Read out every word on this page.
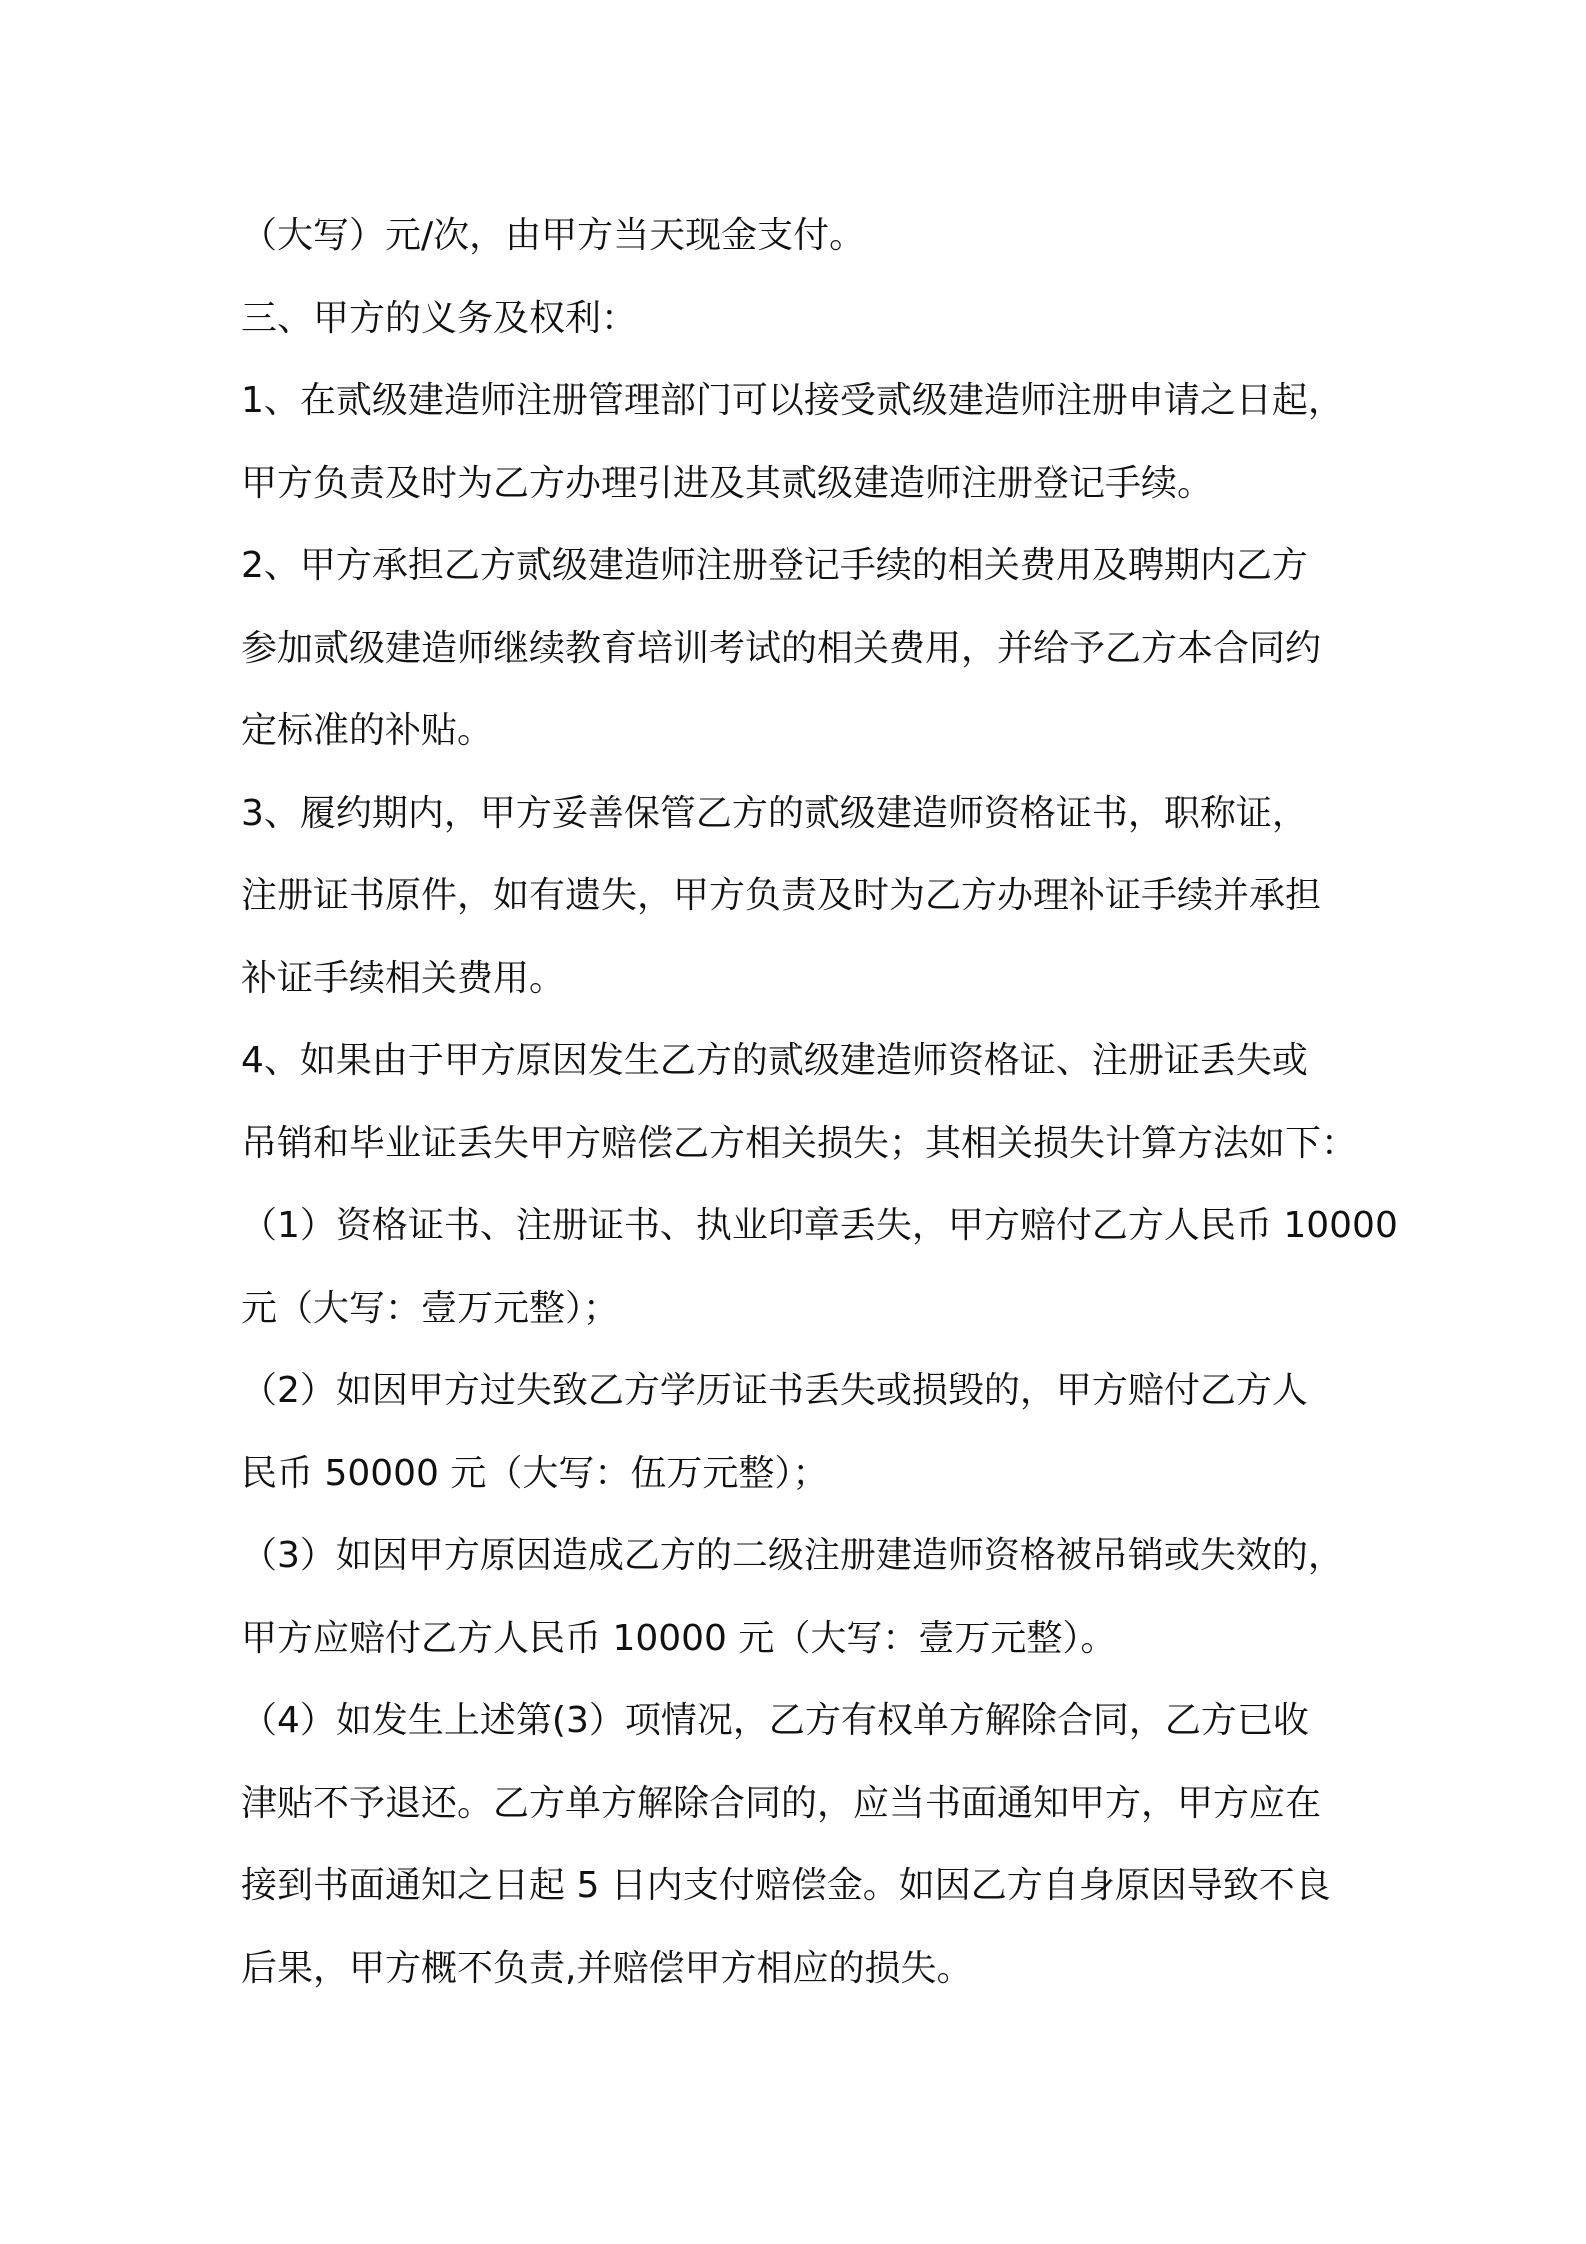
（大写）元/次，由甲方当天现金支付。
三、甲方的义务及权利：
1、在贰级建造师注册管理部门可以接受贰级建造师注册申请之日起，
甲方负责及时为乙方办理引进及其贰级建造师注册登记手续。
2、甲方承担乙方贰级建造师注册登记手续的相关费用及聘期内乙方
参加贰级建造师继续教育培训考试的相关费用，并给予乙方本合同约
定标准的补贴。
3、履约期内，甲方妥善保管乙方的贰级建造师资格证书，职称证，
注册证书原件，如有遗失，甲方负责及时为乙方办理补证手续并承担
补证手续相关费用。
4、如果由于甲方原因发生乙方的贰级建造师资格证、注册证丢失或
吊销和毕业证丢失甲方赔偿乙方相关损失；其相关损失计算方法如下：
（1）资格证书、注册证书、执业印章丢失，甲方赔付乙方人民币 10000
元（大写：壹万元整）；
（2）如因甲方过失致乙方学历证书丢失或损毁的，甲方赔付乙方人
民币 50000 元（大写：伍万元整）；
（3）如因甲方原因造成乙方的二级注册建造师资格被吊销或失效的，
甲方应赔付乙方人民币 10000 元（大写：壹万元整）。
（4）如发生上述第(3）项情况，乙方有权单方解除合同，乙方已收
津贴不予退还。乙方单方解除合同的，应当书面通知甲方，甲方应在
接到书面通知之日起 5 日内支付赔偿金。如因乙方自身原因导致不良
后果，甲方概不负责,并赔偿甲方相应的损失。
